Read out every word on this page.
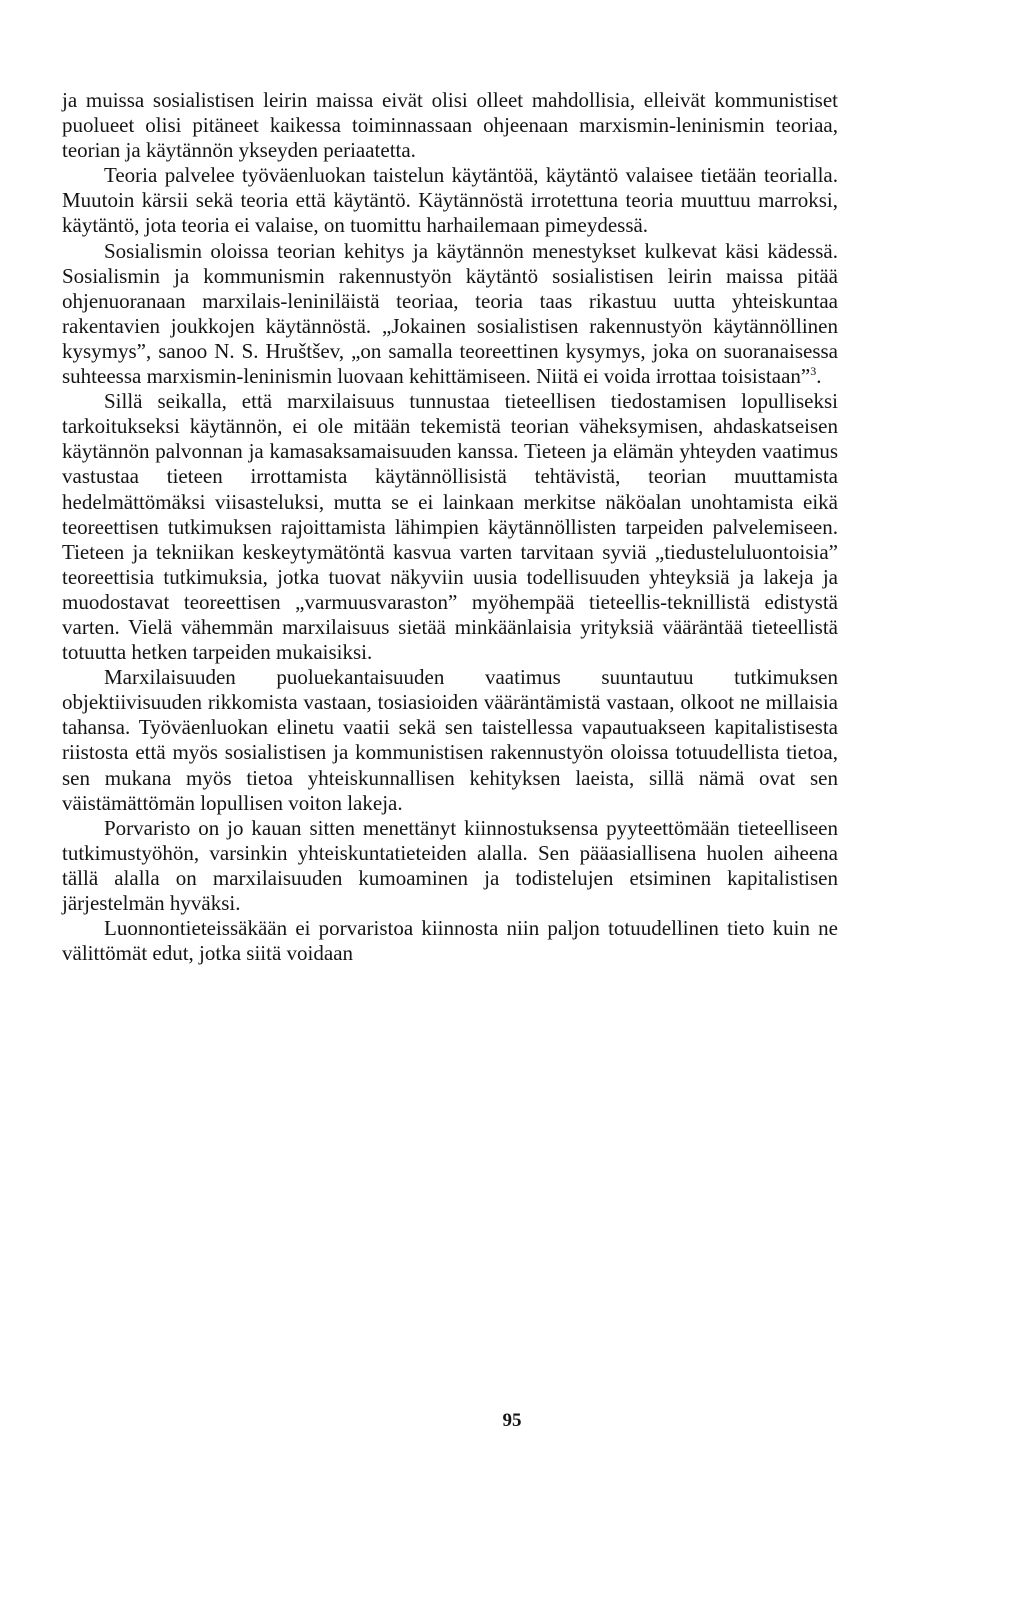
ja muissa sosialistisen leirin maissa eivät olisi olleet mahdollisia, elleivät kommunistiset puolueet olisi pitäneet kaikessa toiminnassaan ohjeenaan marxismin-leninismin teoriaa, teorian ja käytännön ykseyden periaatetta.

Teoria palvelee työväenluokan taistelun käytäntöä, käytäntö valaisee tietään teorialla. Muutoin kärsii sekä teoria että käytäntö. Käytännöstä irrotettuna teoria muuttuu marroksi, käytäntö, jota teoria ei valaise, on tuomittu harhailemaan pimeydessä.

Sosialismin oloissa teorian kehitys ja käytännön menestykset kulkevat käsi kädessä. Sosialismin ja kommunismin rakennustyön käytäntö sosialistisen leirin maissa pitää ohjenuoranaan marxilais-leniniläistä teoriaa, teoria taas rikastuu uutta yhteiskuntaa rakentavien joukkojen käytännöstä. „Jokainen sosialistisen rakennustyön käytännöllinen kysymys”, sanoo N. S. Hruštšev, „on samalla teoreettinen kysymys, joka on suoranaisessa suhteessa marxismin-leninismin luovaan kehittämiseen. Niitä ei voida irrottaa toisistaan”$^3$.

Sillä seikalla, että marxilaisuus tunnustaa tieteellisen tiedostamisen lopulliseksi tarkoitukseksi käytännön, ei ole mitään tekemistä teorian väheksymisen, ahdaskatseisen käytännön palvonnan ja kamasaksamaisuuden kanssa. Tieteen ja elämän yhteyden vaatimus vastustaa tieteen irrottamista käytännöllisistä tehtävistä, teorian muuttamista hedelmättömäksi viisasteluksi, mutta se ei lainkaan merkitse näköalan unohtamista eikä teoreettisen tutkimuksen rajoittamista lähimpien käytännöllisten tarpeiden palvelemiseen. Tieteen ja tekniikan keskeytymätöntä kasvua varten tarvitaan syviä „tiedusteluluontoisia” teoreettisia tutkimuksia, jotka tuovat näkyviin uusia todellisuuden yhteyksiä ja lakeja ja muodostavat teoreettisen „varmuusvaraston” myöhempää tieteellis-teknillistä edistystä varten. Vielä vähemmän marxilaisuus sietää minkäänlaisia yrityksiä vääräntää tieteellistä totuutta hetken tarpeiden mukaisiksi.

Marxilaisuuden puoluekantaisuuden vaatimus suuntautuu tutkimuksen objektiivisuuden rikkomista vastaan, tosiasioiden vääräntämistä vastaan, olkoot ne millaisia tahansa. Työväenluokan elinetu vaatii sekä sen taistellessa vapautuakseen kapitalistisesta riistosta että myös sosialistisen ja kommunistisen rakennustyön oloissa totuudellista tietoa, sen mukana myös tietoa yhteiskunnallisen kehityksen laeista, sillä nämä ovat sen väistämättömän lopullisen voiton lakeja.

Porvaristo on jo kauan sitten menettänyt kiinnostuksensa pyyteettömään tieteelliseen tutkimustyöhön, varsinkin yhteiskuntatieteiden alalla. Sen pääasiallisena huolen aiheena tällä alalla on marxilaisuuden kumoaminen ja todistelujen etsiminen kapitalistisen järjestelmän hyväksi.

Luonnontieteissäkään ei porvaristoa kiinnosta niin paljon totuudellinen tieto kuin ne välittömät edut, jotka siitä voidaan

95
